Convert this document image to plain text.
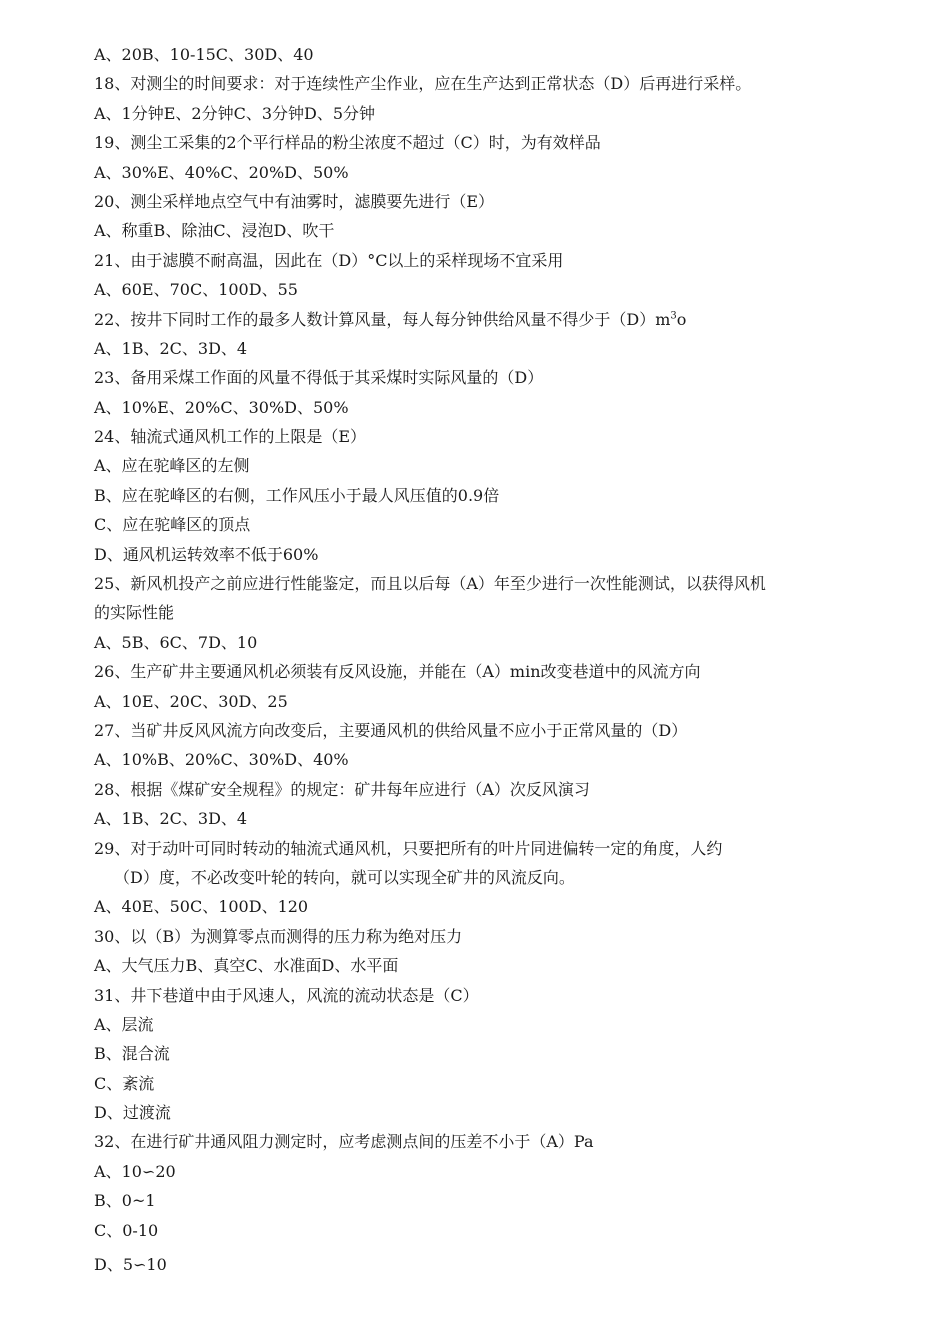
A、20B、10-15C、30D、40
18、对测尘的时间要求：对于连续性产尘作业，应在生产达到正常状态（D）后再进行采样。
A、1分钟E、2分钟C、3分钟D、5分钟
19、测尘工采集的2个平行样品的粉尘浓度不超过（C）时，为有效样品
A、30%E、40%C、20%D、50%
20、测尘采样地点空气中有油雾时，滤膜要先进行（E）
A、称重B、除油C、浸泡D、吹干
21、由于滤膜不耐高温，因此在（D）°C以上的采样现场不宜采用
A、60E、70C、100D、55
22、按井下同时工作的最多人数计算风量，每人每分钟供给风量不得少于$(D)m^3o$
A、1B、2C、3D、4
23、备用采煤工作面的风量不得低于其采煤时实际风量的（D）
A、10%E、20%C、30%D、50%
24、轴流式通风机工作的上限是（E）
A、应在驼峰区的左侧
B、应在驼峰区的右侧，工作风压小于最人风压值的0.9倍
C、应在驼峰区的顶点
D、通风机运转效率不低于60%
25、新风机投产之前应进行性能鉴定，而且以后每（A）年至少进行一次性能测试，以获得风机
的实际性能
A、5B、6C、7D、10
26、生产矿井主要通风机必须装有反风设施，并能在（A）min改变巷道中的风流方向
A、10E、20C、30D、25
27、当矿井反风风流方向改变后，主要通风机的供给风量不应小于正常风量的（D）
A、10%B、20%C、30%D、40%
28、根据《煤矿安全规程》的规定：矿井每年应进行（A）次反风演习
A、1B、2C、3D、4
29、对于动叶可同时转动的轴流式通风机，只要把所有的叶片同进偏转一定的角度，人约
（D）度，不必改变叶轮的转向，就可以实现全矿井的风流反向。
A、40E、50C、100D、120
30、以（B）为测算零点而测得的压力称为绝对压力
A、大气压力B、真空C、水准面D、水平面
31、井下巷道中由于风速人，风流的流动状态是（C）
A、层流
B、混合流
C、紊流
D、过渡流
32、在进行矿井通风阻力测定时，应考虑测点间的压差不小于（A）Pa
A、10∽20
B、0~1
C、0-10
D、5∽10
